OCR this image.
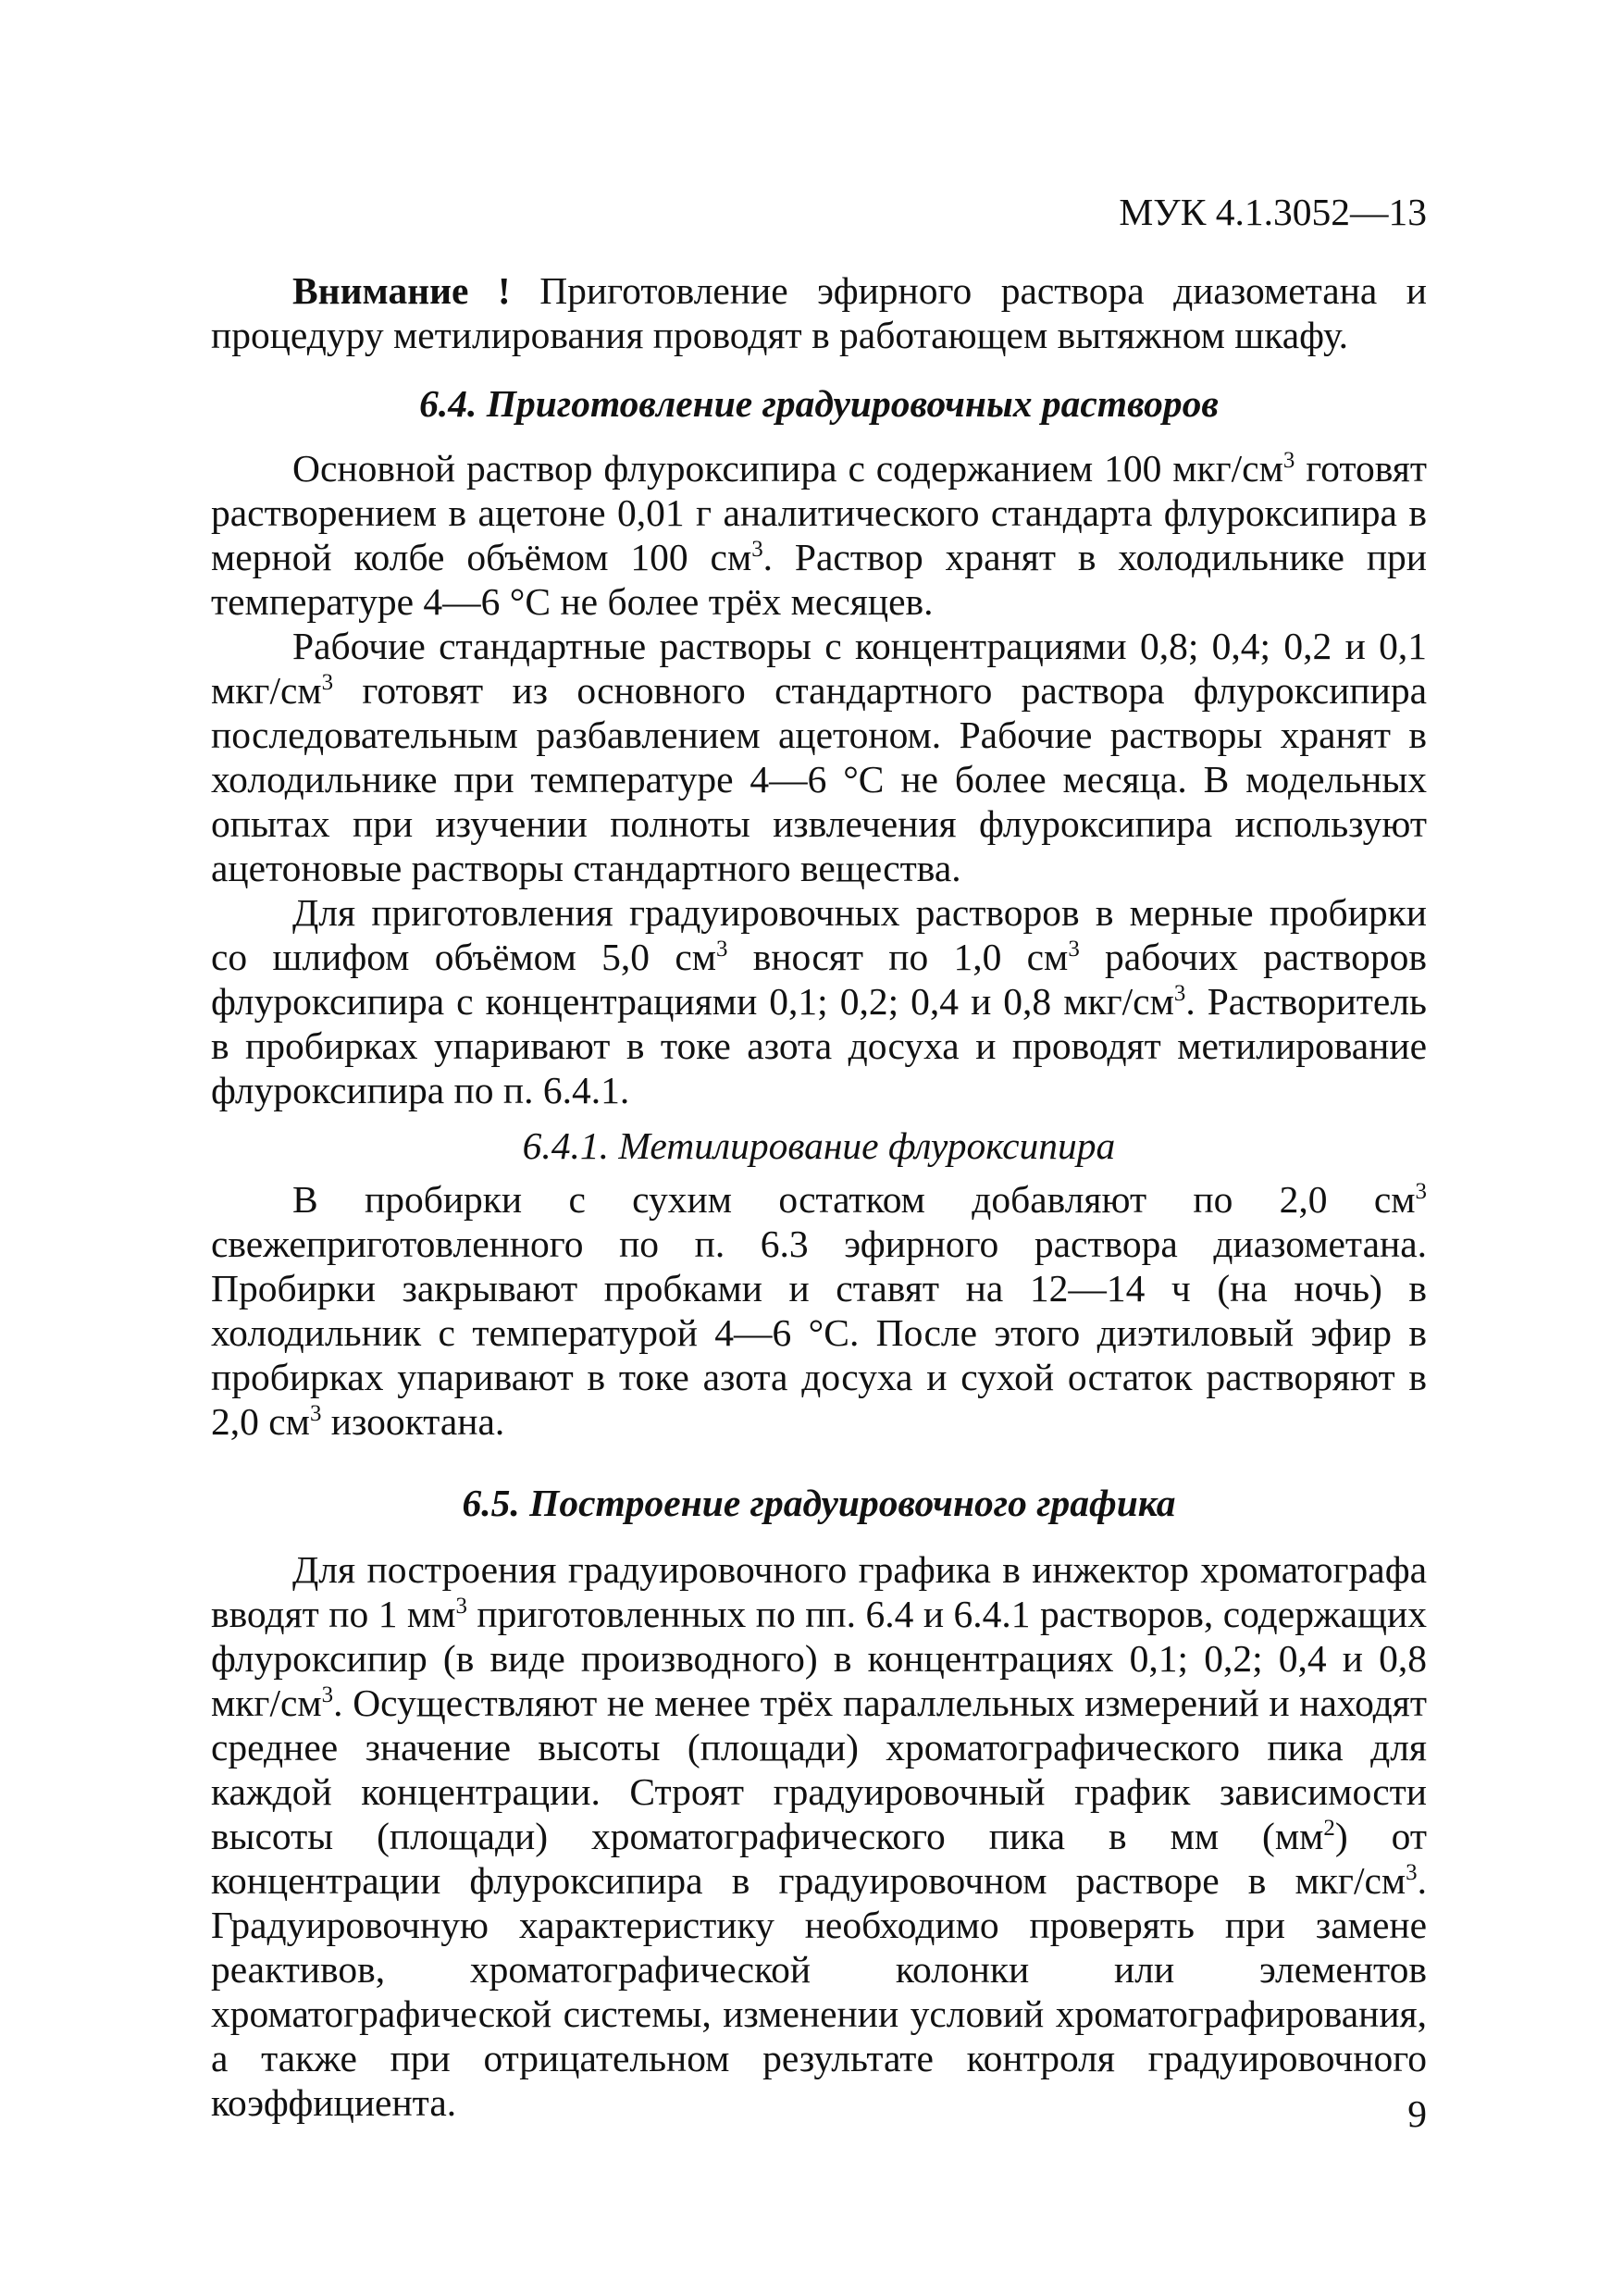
МУК 4.1.3052—13

Внимание ! Приготовление эфирного раствора диазометана и процедуру метилирования проводят в работающем вытяжном шкафу.

6.4. Приготовление градуировочных растворов

Основной раствор флуроксипира с содержанием 100 мкг/$см^3$ готовят растворением в ацетоне 0,01 г аналитического стандарта флуроксипира в мерной колбе объёмом 100 $см^3$. Раствор хранят в холодильнике при температуре 4—6 °С не более трёх месяцев.

Рабочие стандартные растворы с концентрациями 0,8; 0,4; 0,2 и 0,1 мкг/$см^3$ готовят из основного стандартного раствора флуроксипира последовательным разбавлением ацетоном. Рабочие растворы хранят в холодильнике при температуре 4—6 °С не более месяца. В модельных опытах при изучении полноты извлечения флуроксипира используют ацетоновые растворы стандартного вещества.

Для приготовления градуировочных растворов в мерные пробирки со шлифом объёмом 5,0 $см^3$ вносят по 1,0 $см^3$ рабочих растворов флуроксипира с концентрациями 0,1; 0,2; 0,4 и 0,8 мкг/$см^3$. Растворитель в пробирках упаривают в токе азота досуха и проводят метилирование флуроксипира по п. 6.4.1.

6.4.1. Метилирование флуроксипира

В пробирки с сухим остатком добавляют по 2,0 $см^3$ свежеприготовленного по п. 6.3 эфирного раствора диазометана. Пробирки закрывают пробками и ставят на 12—14 ч (на ночь) в холодильник с температурой 4—6 °С. После этого диэтиловый эфир в пробирках упаривают в токе азота досуха и сухой остаток растворяют в 2,0 $см^3$ изооктана.

6.5. Построение градуировочного графика

Для построения градуировочного графика в инжектор хроматографа вводят по 1 $мм^3$ приготовленных по пп. 6.4 и 6.4.1 растворов, содержащих флуроксипир (в виде производного) в концентрациях 0,1; 0,2; 0,4 и 0,8 мкг/$см^3$. Осуществляют не менее трёх параллельных измерений и находят среднее значение высоты (площади) хроматографического пика для каждой концентрации. Строят градуировочный график зависимости высоты (площади) хроматографического пика в мм $(мм^2)$ от концентрации флуроксипира в градуировочном растворе в мкг/$см^3$. Градуировочную характеристику необходимо проверять при замене реактивов, хроматографической колонки или элементов хроматографической системы, изменении условий хроматографирования, а также при отрицательном результате контроля градуировочного коэффициента.	9
